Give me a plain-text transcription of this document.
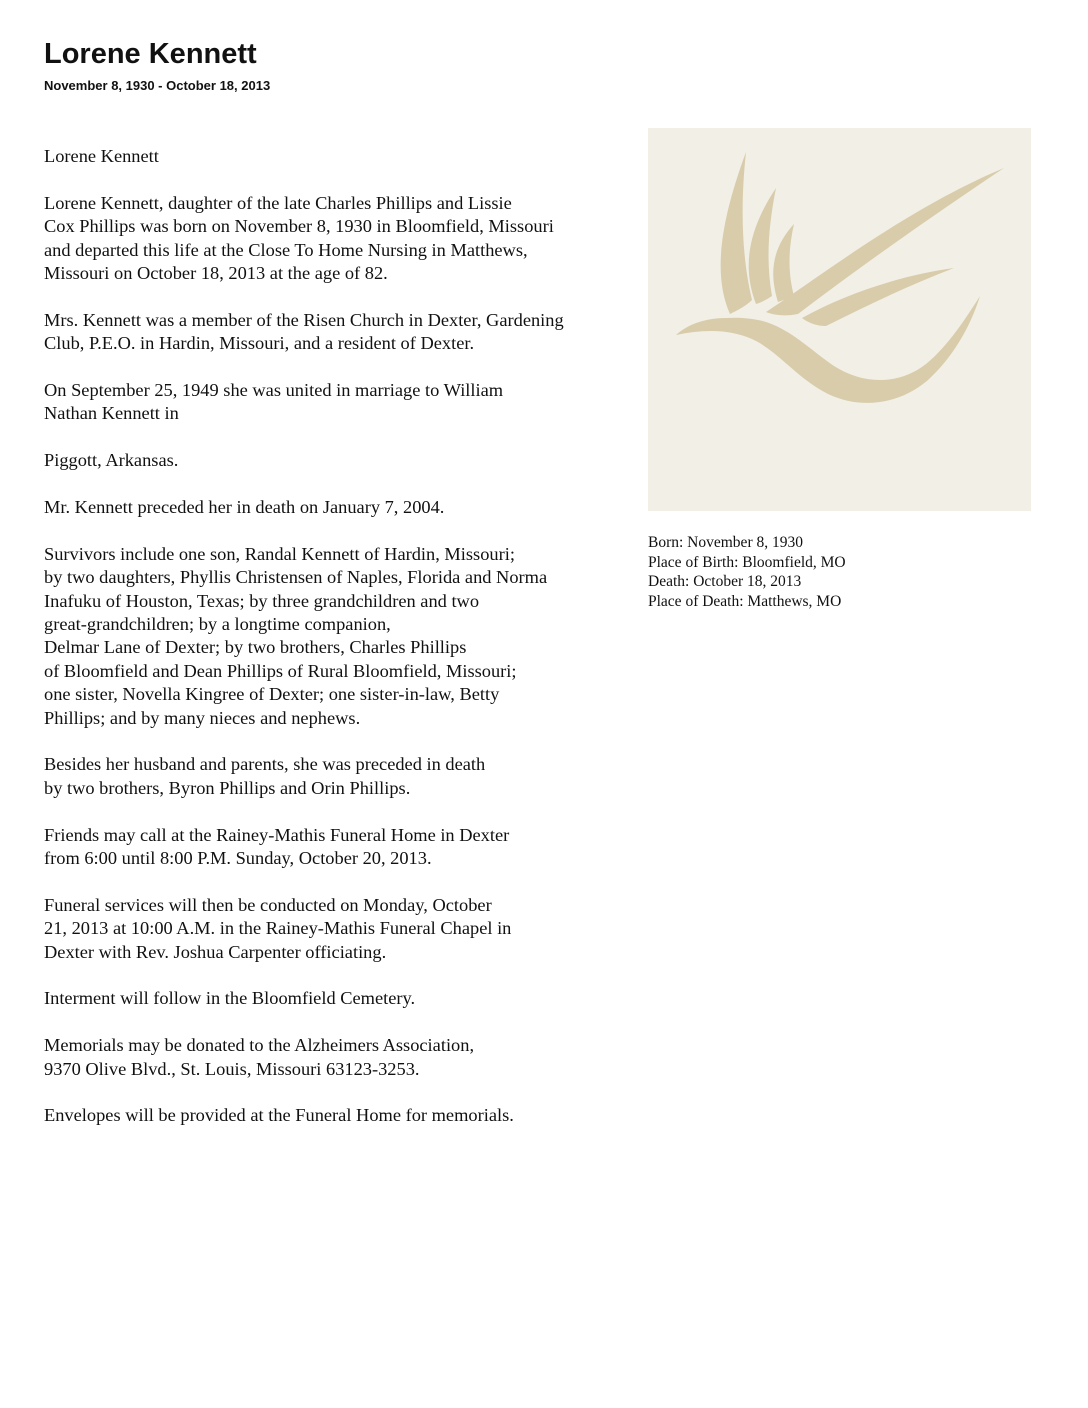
Lorene Kennett
November 8, 1930 - October 18, 2013

Lorene Kennett

Lorene Kennett, daughter of the late Charles Phillips and Lissie
Cox Phillips was born on November 8, 1930 in Bloomfield, Missouri
and departed this life at the Close To Home Nursing in Matthews,
Missouri on October 18, 2013 at the age of 82.

Mrs. Kennett was a member of the Risen Church in Dexter, Gardening
Club, P.E.O. in Hardin, Missouri, and a resident of Dexter.

On September 25, 1949 she was united in marriage to William
Nathan Kennett in

Piggott, Arkansas.

Mr. Kennett preceded her in death on January 7, 2004.

Survivors include one son, Randal Kennett of Hardin, Missouri;
by two daughters, Phyllis Christensen of Naples, Florida and Norma
Inafuku of Houston, Texas; by three grandchildren and two
great-grandchildren; by a longtime companion,
Delmar Lane of Dexter; by two brothers, Charles Phillips
of Bloomfield and Dean Phillips of Rural Bloomfield, Missouri;
one sister, Novella Kingree of Dexter; one sister-in-law, Betty
Phillips; and by many nieces and nephews.

Besides her husband and parents, she was preceded in death
by two brothers, Byron Phillips and Orin Phillips.

Friends may call at the Rainey-Mathis Funeral Home in Dexter
from 6:00 until 8:00 P.M. Sunday, October 20, 2013.

Funeral services will then be conducted on Monday, October
21, 2013 at 10:00 A.M. in the Rainey-Mathis Funeral Chapel in
Dexter with Rev. Joshua Carpenter officiating.

Interment will follow in the Bloomfield Cemetery.

Memorials may be donated to the Alzheimers Association,
9370 Olive Blvd., St. Louis, Missouri 63123-3253.

Envelopes will be provided at the Funeral Home for memorials.

Born: November 8, 1930
Place of Birth: Bloomfield, MO
Death: October 18, 2013
Place of Death: Matthews, MO
